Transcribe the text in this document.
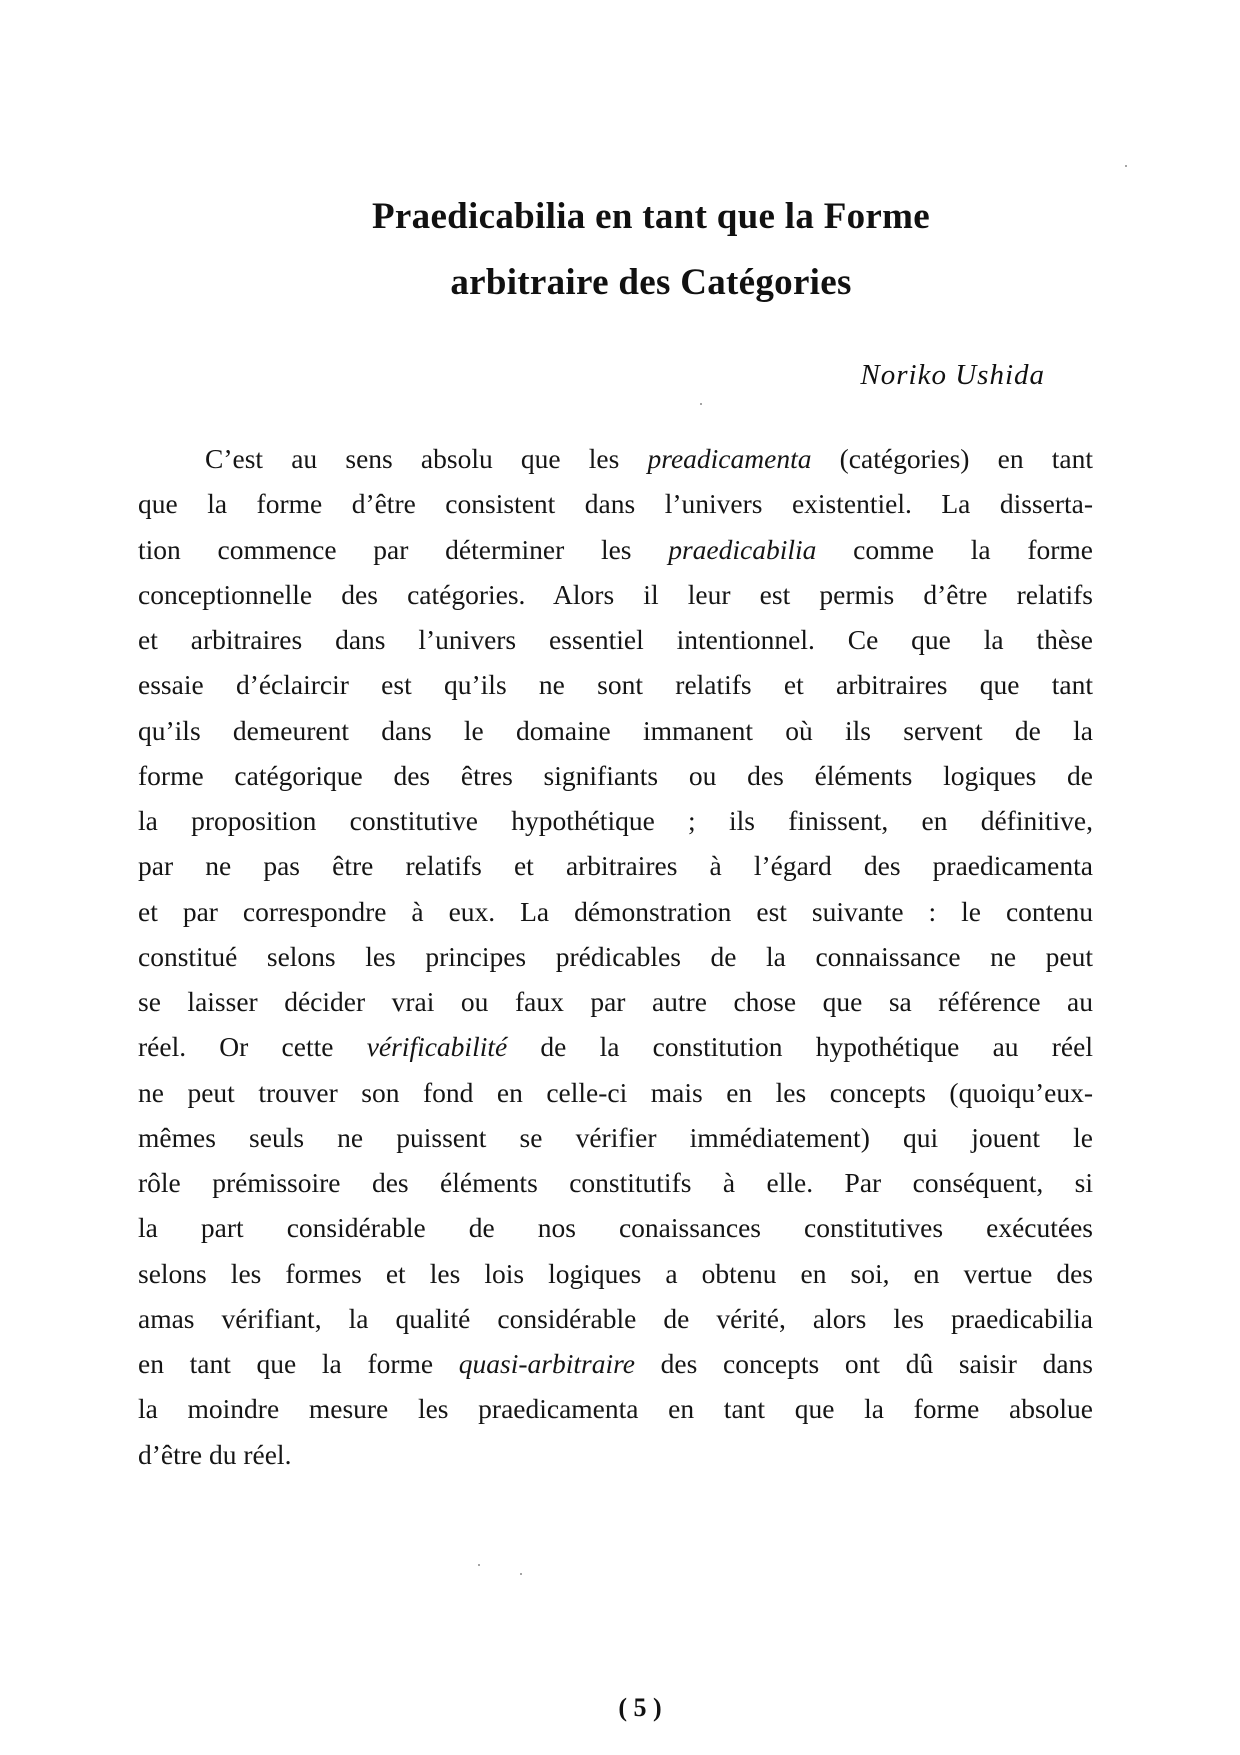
Praedicabilia en tant que la Forme
arbitraire des Catégories
Noriko Ushida
C’est au sens absolu que les preadicamenta (catégories) en tant
que la forme d’être consistent dans l’univers existentiel. La disserta-
tion commence par déterminer les praedicabilia comme la forme
conceptionnelle des catégories. Alors il leur est permis d’être relatifs
et arbitraires dans l’univers essentiel intentionnel. Ce que la thèse
essaie d’éclaircir est qu’ils ne sont relatifs et arbitraires que tant
qu’ils demeurent dans le domaine immanent où ils servent de la
forme catégorique des êtres signifiants ou des éléments logiques de
la proposition constitutive hypothétique ; ils finissent, en définitive,
par ne pas être relatifs et arbitraires à l’égard des praedicamenta
et par correspondre à eux. La démonstration est suivante : le contenu
constitué selons les principes prédicables de la connaissance ne peut
se laisser décider vrai ou faux par autre chose que sa référence au
réel. Or cette vérificabilité de la constitution hypothétique au réel
ne peut trouver son fond en celle-ci mais en les concepts (quoiqu’eux-
mêmes seuls ne puissent se vérifier immédiatement) qui jouent le
rôle prémissoire des éléments constitutifs à elle. Par conséquent, si
la part considérable de nos conaissances constitutives exécutées
selons les formes et les lois logiques a obtenu en soi, en vertue des
amas vérifiant, la qualité considérable de vérité, alors les praedicabilia
en tant que la forme quasi-arbitraire des concepts ont dû saisir dans
la moindre mesure les praedicamenta en tant que la forme absolue
d’être du réel.
( 5 )
